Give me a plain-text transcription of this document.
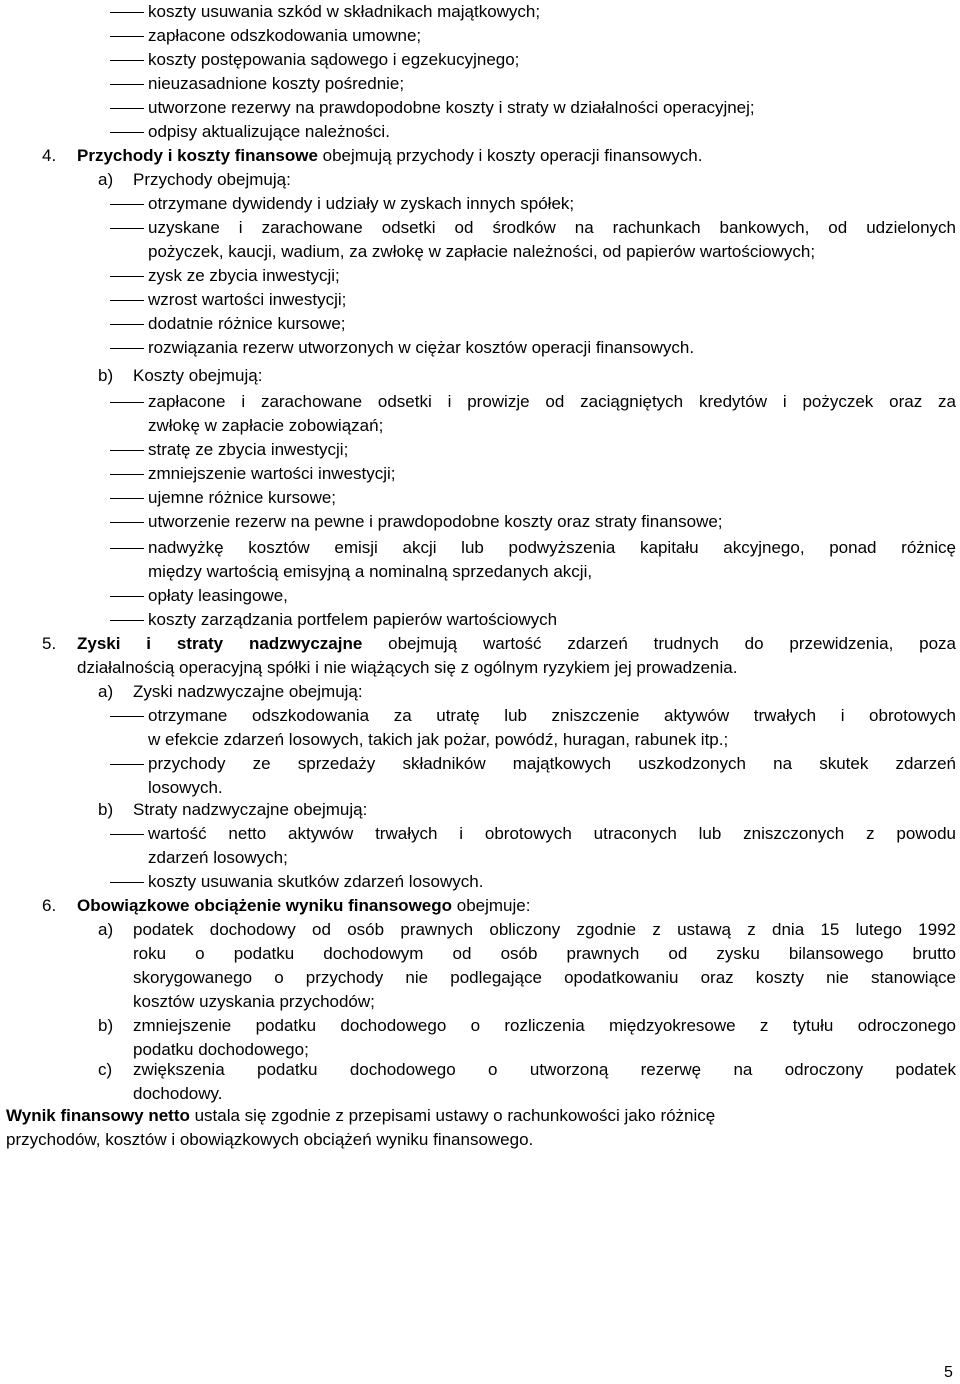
koszty usuwania szkód w składnikach majątkowych;
zapłacone odszkodowania umowne;
koszty postępowania sądowego i egzekucyjnego;
nieuzasadnione koszty pośrednie;
utworzone rezerwy na prawdopodobne koszty i straty w działalności operacyjnej;
odpisy aktualizujące należności.
4. Przychody i koszty finansowe obejmują przychody i koszty operacji finansowych.
a) Przychody obejmują:
otrzymane dywidendy i udziały w zyskach innych spółek;
uzyskane i zarachowane odsetki od środków na rachunkach bankowych, od udzielonych
pożyczek, kaucji, wadium, za zwłokę w zapłacie należności, od papierów wartościowych;
zysk ze zbycia inwestycji;
wzrost wartości inwestycji;
dodatnie różnice kursowe;
rozwiązania rezerw utworzonych w ciężar kosztów operacji finansowych.
b) Koszty obejmują:
zapłacone i zarachowane odsetki i prowizje od zaciągniętych kredytów i pożyczek oraz za
zwłokę w zapłacie zobowiązań;
stratę ze zbycia inwestycji;
zmniejszenie wartości inwestycji;
ujemne różnice kursowe;
utworzenie rezerw na pewne i prawdopodobne koszty oraz straty finansowe;
nadwyżkę kosztów emisji akcji lub podwyższenia kapitału akcyjnego, ponad różnicę
między wartością emisyjną a nominalną sprzedanych akcji,
opłaty leasingowe,
koszty zarządzania portfelem papierów wartościowych
5. Zyski i straty nadzwyczajne obejmują wartość zdarzeń trudnych do przewidzenia, poza
działalnością operacyjną spółki i nie wiążących się z ogólnym ryzykiem jej prowadzenia.
a) Zyski nadzwyczajne obejmują:
otrzymane odszkodowania za utratę lub zniszczenie aktywów trwałych i obrotowych
w efekcie zdarzeń losowych, takich jak pożar, powódź, huragan, rabunek itp.;
przychody ze sprzedaży składników majątkowych uszkodzonych na skutek zdarzeń
losowych.
b) Straty nadzwyczajne obejmują:
wartość netto aktywów trwałych i obrotowych utraconych lub zniszczonych z powodu
zdarzeń losowych;
koszty usuwania skutków zdarzeń losowych.
6. Obowiązkowe obciążenie wyniku finansowego obejmuje:
a) podatek dochodowy od osób prawnych obliczony zgodnie z ustawą z dnia 15 lutego 1992
roku o podatku dochodowym od osób prawnych od zysku bilansowego brutto
skorygowanego o przychody nie podlegające opodatkowaniu oraz koszty nie stanowiące
kosztów uzyskania przychodów;
b) zmniejszenie podatku dochodowego o rozliczenia międzyokresowe z tytułu odroczonego
podatku dochodowego;
c) zwiększenia podatku dochodowego o utworzoną rezerwę na odroczony podatek
dochodowy.
Wynik finansowy netto ustala się zgodnie z przepisami ustawy o rachunkowości jako różnicę
przychodów, kosztów i obowiązkowych obciążeń wyniku finansowego.
5
